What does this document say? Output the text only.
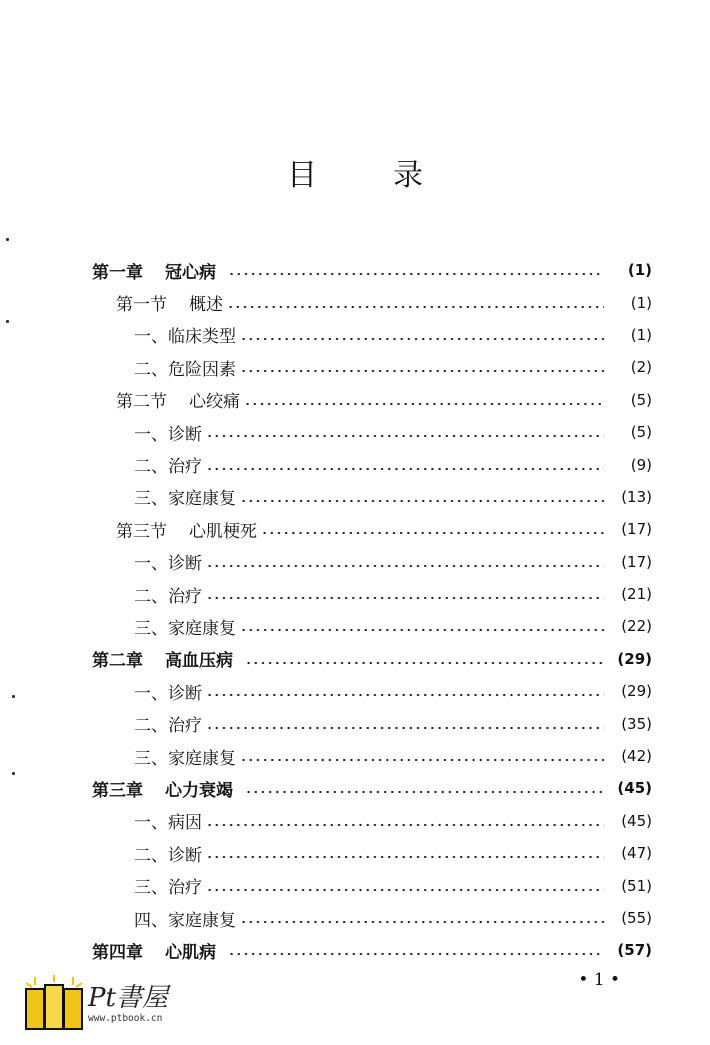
目	录
第一章 冠心病	(1)
第一节 概述	(1)
一、临床类型	(1)
二、危险因素	(2)
第二节 心绞痛	(5)
一、诊断	(5)
二、治疗	(9)
三、家庭康复	(13)
第三节 心肌梗死	(17)
一、诊断	(17)
二、治疗	(21)
三、家庭康复	(22)
第二章 高血压病	(29)
一、诊断	(29)
二、治疗	(35)
三、家庭康复	(42)
第三章 心力衰竭	(45)
一、病因	(45)
二、诊断	(47)
三、治疗	(51)
四、家庭康复	(55)
第四章 心肌病	(57)
• 1 •
Pt書屋
www.ptbook.cn
